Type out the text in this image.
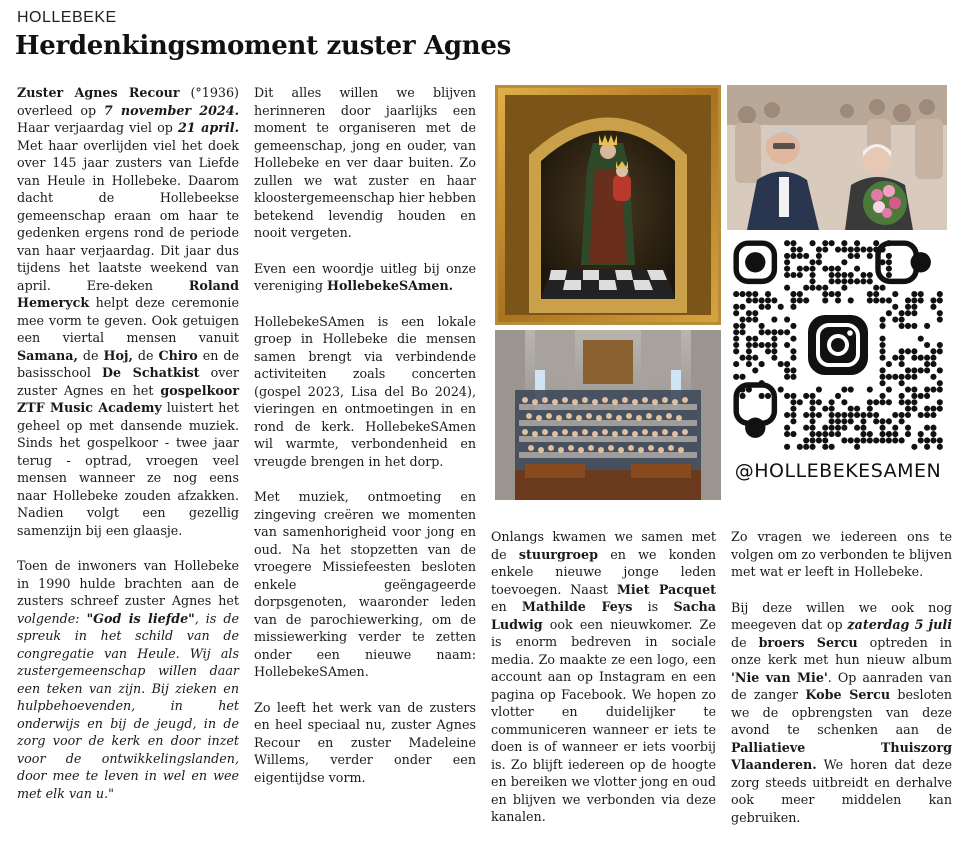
HOLLEBEKE
Herdenkingsmoment zuster Agnes

Zuster Agnes Recour (°1936) overleed op 7 november 2024. Haar verjaardag viel op 21 april. Met haar overlijden viel het doek over 145 jaar zusters van Liefde van Heule in Hollebeke. Daarom dacht de Hollebeekse gemeenschap eraan om haar te gedenken ergens rond de periode van haar verjaardag. Dit jaar dus tijdens het laatste weekend van april. Ere-deken Roland Hemeryck helpt deze ceremonie mee vorm te geven. Ook getuigen een viertal mensen vanuit Samana, de Hoj, de Chiro en de basisschool De Schatkist over zuster Agnes en het gospelkoor ZTF Music Academy luistert het geheel op met dansende muziek. Sinds het gospelkoor - twee jaar terug - optrad, vroegen veel mensen wanneer ze nog eens naar Hollebeke zouden afzakken. Nadien volgt een gezellig samenzijn bij een glaasje.

Toen de inwoners van Hollebeke in 1990 hulde brachten aan de zusters schreef zuster Agnes het volgende: "God is liefde", is de spreuk in het schild van de congregatie van Heule. Wij als zustergemeenschap willen daar een teken van zijn. Bij zieken en hulpbehoevenden, in het onderwijs en bij de jeugd, in de zorg voor de kerk en door inzet voor de ontwikkelingslanden, door mee te leven in wel en wee met elk van u."

Dit alles willen we blijven herinneren door jaarlijks een moment te organiseren met de gemeenschap, jong en ouder, van Hollebeke en ver daar buiten. Zo zullen we wat zuster en haar kloostergemeenschap hier hebben betekend levendig houden en nooit vergeten.

Even een woordje uitleg bij onze vereniging HollebekeSAmen.

HollebekeSAmen is een lokale groep in Hollebeke die mensen samen brengt via verbindende activiteiten zoals concerten (gospel 2023, Lisa del Bo 2024), vieringen en ontmoetingen in en rond de kerk. HollebekeSAmen wil warmte, verbondenheid en vreugde brengen in het dorp.

Met muziek, ontmoeting en zingeving creëren we momenten van samenhorigheid voor jong en oud. Na het stopzetten van de vroegere Missiefeesten besloten enkele geëngageerde dorpsgenoten, waaronder leden van de parochiewerking, om de missiewerking verder te zetten onder een nieuwe naam: HollebekeSAmen.

Zo leeft het werk van de zusters en heel speciaal nu, zuster Agnes Recour en zuster Madeleine Willems, verder onder een eigentijdse vorm.

@HOLLEBEKESAMEN

Onlangs kwamen we samen met de stuurgroep en we konden enkele nieuwe jonge leden toevoegen. Naast Miet Pacquet en Mathilde Feys is Sacha Ludwig ook een nieuwkomer. Ze is enorm bedreven in sociale media. Zo maakte ze een logo, een account aan op Instagram en een pagina op Facebook. We hopen zo vlotter en duidelijker te communiceren wanneer er iets te doen is of wanneer er iets voorbij is. Zo blijft iedereen op de hoogte en bereiken we vlotter jong en oud en blijven we verbonden via deze kanalen.

Zo vragen we iedereen ons te volgen om zo verbonden te blijven met wat er leeft in Hollebeke.

Bij deze willen we ook nog meegeven dat op zaterdag 5 juli de broers Sercu optreden in onze kerk met hun nieuw album 'Nie van Mie'. Op aanraden van de zanger Kobe Sercu besloten we de opbrengsten van deze avond te schenken aan de Palliatieve Thuiszorg Vlaanderen. We horen dat deze zorg steeds uitbreidt en derhalve ook meer middelen kan gebruiken.
